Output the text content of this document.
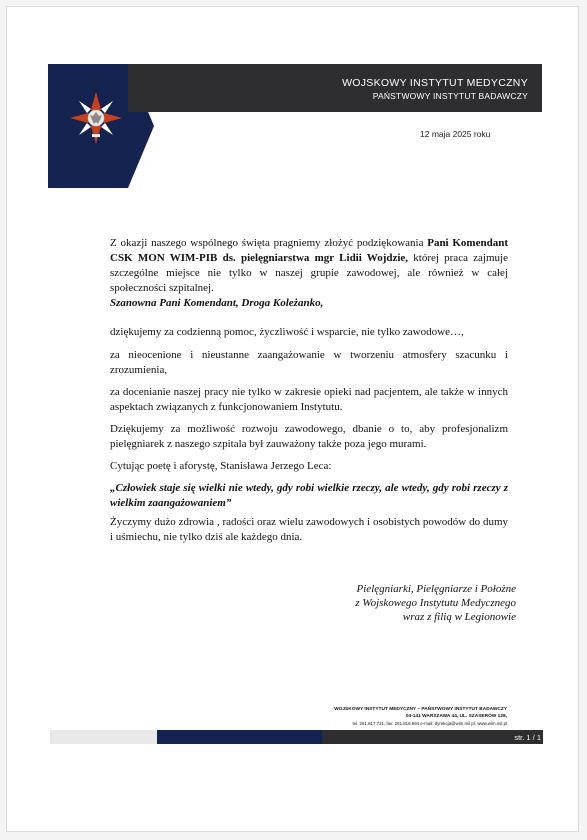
WOJSKOWY INSTYTUT MEDYCZNY
PAŃSTWOWY INSTYTUT BADAWCZY
12 maja 2025 roku

Z okazji naszego wspólnego święta pragniemy złożyć podziękowania Pani Komendant CSK MON WIM-PIB ds. pielęgniarstwa mgr Lidii Wojdzie, której praca zajmuje szczególne miejsce nie tylko w naszej grupie zawodowej, ale również w całej społeczności szpitalnej.

Szanowna Pani Komendant, Droga Koleżanko,

dziękujemy za codzienną pomoc, życzliwość i wsparcie, nie tylko zawodowe…,

za nieocenione i nieustanne zaangażowanie w tworzeniu atmosfery szacunku i zrozumienia,

za docenianie naszej pracy nie tylko w zakresie opieki nad pacjentem, ale także w innych aspektach związanych z funkcjonowaniem Instytutu.

Dziękujemy za możliwość rozwoju zawodowego, dbanie o to, aby profesjonalizm pielęgniarek z naszego szpitala był zauważony także poza jego murami.

Cytując poetę i aforystę, Stanisława Jerzego Leca:

„Człowiek staje się wielki nie wtedy, gdy robi wielkie rzeczy, ale wtedy, gdy robi rzeczy z wielkim zaangażowaniem”

Życzymy dużo zdrowia , radości oraz wielu zawodowych i osobistych powodów do dumy i uśmiechu, nie tylko dziś ale każdego dnia.

Pielęgniarki, Pielęgniarze i Położne

z Wojskowego Instytutu Medycznego

wraz z filią w Legionowie

WOJSKOWY INSTYTUT MEDYCZNY – PAŃSTWOWY INSTYTUT BADAWCZY

04-141 WARSZAWA 44, UL. SZASERÓW 128,

tel. 261.817.721, fax: 261.816.694 e-mail: dyrekcja@wim.mil.pl, www.wim.mil.pl

str. 1 / 1
